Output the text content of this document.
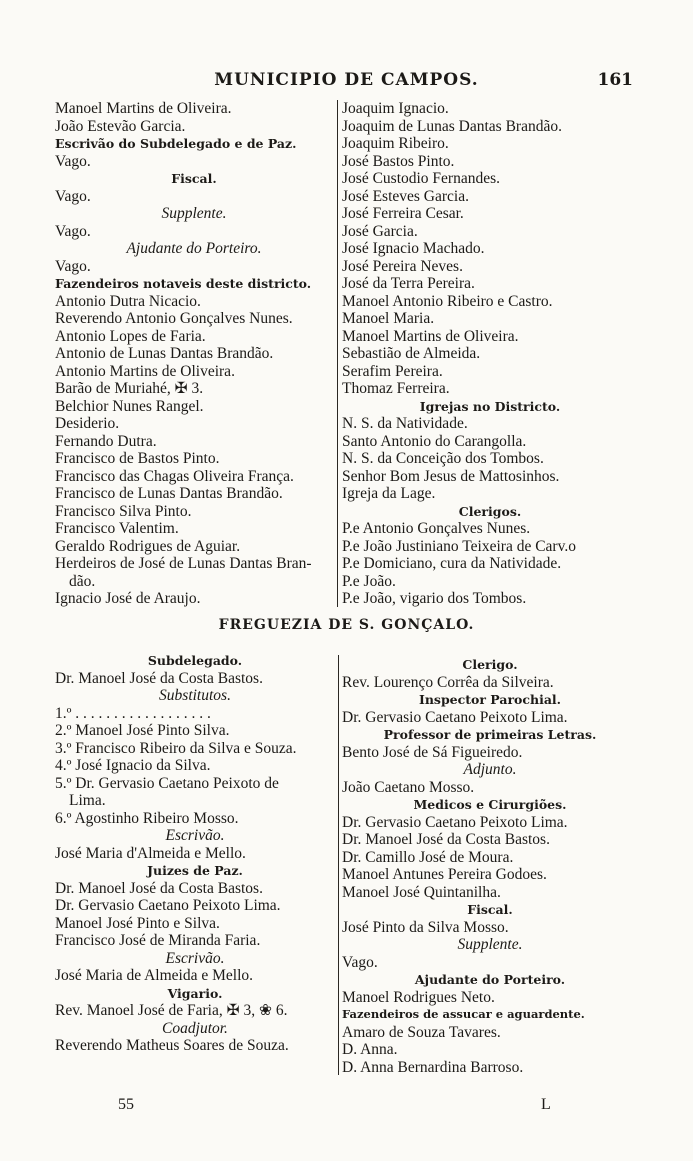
MUNICIPIO DE CAMPOS.	161
Manoel Martins de Oliveira.
João Estevão Garcia.
Escrivão do Subdelegado e de Paz.
Vago.
Fiscal.
Vago.
Supplente.
Vago.
Ajudante do Porteiro.
Vago.
Fazendeiros notaveis deste districto.
Antonio Dutra Nicacio.
Reverendo Antonio Gonçalves Nunes.
Antonio Lopes de Faria.
Antonio de Lunas Dantas Brandão.
Antonio Martins de Oliveira.
Barão de Muriahé, ✠ 3.
Belchior Nunes Rangel.
Desiderio.
Fernando Dutra.
Francisco de Bastos Pinto.
Francisco das Chagas Oliveira França.
Francisco de Lunas Dantas Brandão.
Francisco Silva Pinto.
Francisco Valentim.
Geraldo Rodrigues de Aguiar.
Herdeiros de José de Lunas Dantas Bran-
dão.
Ignacio José de Araujo.
Joaquim Ignacio.
Joaquim de Lunas Dantas Brandão.
Joaquim Ribeiro.
José Bastos Pinto.
José Custodio Fernandes.
José Esteves Garcia.
José Ferreira Cesar.
José Garcia.
José Ignacio Machado.
José Pereira Neves.
José da Terra Pereira.
Manoel Antonio Ribeiro e Castro.
Manoel Maria.
Manoel Martins de Oliveira.
Sebastião de Almeida.
Serafim Pereira.
Thomaz Ferreira.
Igrejas no Districto.
N. S. da Natividade.
Santo Antonio do Carangolla.
N. S. da Conceição dos Tombos.
Senhor Bom Jesus de Mattosinhos.
Igreja da Lage.
Clerigos.
P.e Antonio Gonçalves Nunes.
P.e João Justiniano Teixeira de Carv.o
P.e Domiciano, cura da Natividade.
P.e João.
P.e João, vigario dos Tombos.
FREGUEZIA DE S. GONÇALO.
Subdelegado.
Dr. Manoel José da Costa Bastos.
Substitutos.
1.º . . . . . . . . . . . . . . . . . .
2.º Manoel José Pinto Silva.
3.º Francisco Ribeiro da Silva e Souza.
4.º José Ignacio da Silva.
5.º Dr. Gervasio Caetano Peixoto de
Lima.
6.º Agostinho Ribeiro Mosso.
Escrivão.
José Maria d'Almeida e Mello.
Juizes de Paz.
Dr. Manoel José da Costa Bastos.
Dr. Gervasio Caetano Peixoto Lima.
Manoel José Pinto e Silva.
Francisco José de Miranda Faria.
Escrivão.
José Maria de Almeida e Mello.
Vigario.
Rev. Manoel José de Faria, ✠ 3, ❀ 6.
Coadjutor.
Reverendo Matheus Soares de Souza.
Clerigo.
Rev. Lourenço Corrêa da Silveira.
Inspector Parochial.
Dr. Gervasio Caetano Peixoto Lima.
Professor de primeiras Letras.
Bento José de Sá Figueiredo.
Adjunto.
João Caetano Mosso.
Medicos e Cirurgiões.
Dr. Gervasio Caetano Peixoto Lima.
Dr. Manoel José da Costa Bastos.
Dr. Camillo José de Moura.
Manoel Antunes Pereira Godoes.
Manoel José Quintanilha.
Fiscal.
José Pinto da Silva Mosso.
Supplente.
Vago.
Ajudante do Porteiro.
Manoel Rodrigues Neto.
Fazendeiros de assucar e aguardente.
Amaro de Souza Tavares.
D. Anna.
D. Anna Bernardina Barroso.
55	L
